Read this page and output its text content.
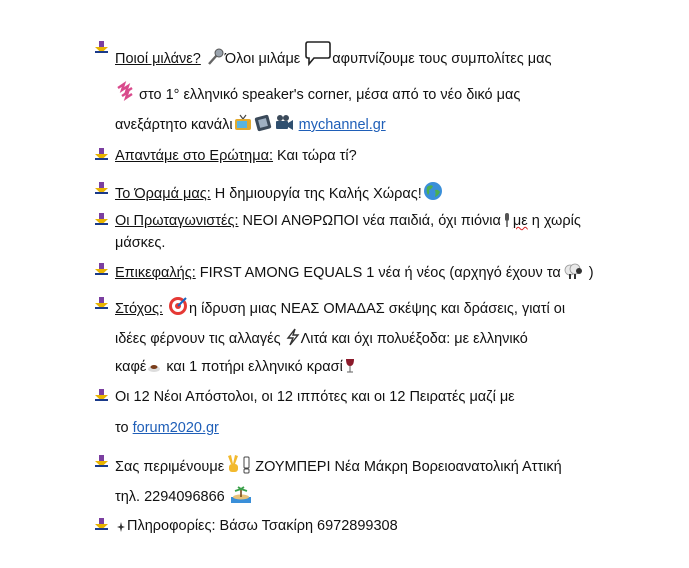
Ποιοί μιλάνε? Όλοι μιλάμε αφυπνίζουμε τους συμπολίτες μας
στο 1° ελληνικό speaker's corner, μέσα από το νέο δικό μας
ανεξάρτητο κανάλι	mychannel.gr
Απαντάμε στο Ερώτημα: Και τώρα τί?
Το Όραμά μας: Η δημιουργία της Καλής Χώρας!
Οι Πρωταγωνιστές: ΝΕΟΙ ΑΝΘΡΩΠΟΙ νέα παιδιά, όχι πιόνια με η χωρίς
μάσκες.
Επικεφαλής: FIRST AMONG EQUALS 1 νέα ή νέος (αρχηγό έχουν τα )
Στόχος: η ίδρυση μιας ΝΕΑΣ ΟΜΑΔΑΣ σκέψης και δράσεις, γιατί οι
ιδέες φέρνουν τις αλλαγές Λιτά και όχι πολυέξοδα: με ελληνικό
καφέ και 1 ποτήρι ελληνικό κρασί
Οι 12 Νέοι Απόστολοι, οι 12 ιππότες και οι 12 Πειρατές μαζί με
το forum2020.gr
Σας περιμένουμε ΖΟΥΜΠΕΡΙ Νέα Μάκρη Βορειοανατολική Αττική
τηλ. 2294096866
Πληροφορίες: Βάσω Τσακίρη 6972899308
